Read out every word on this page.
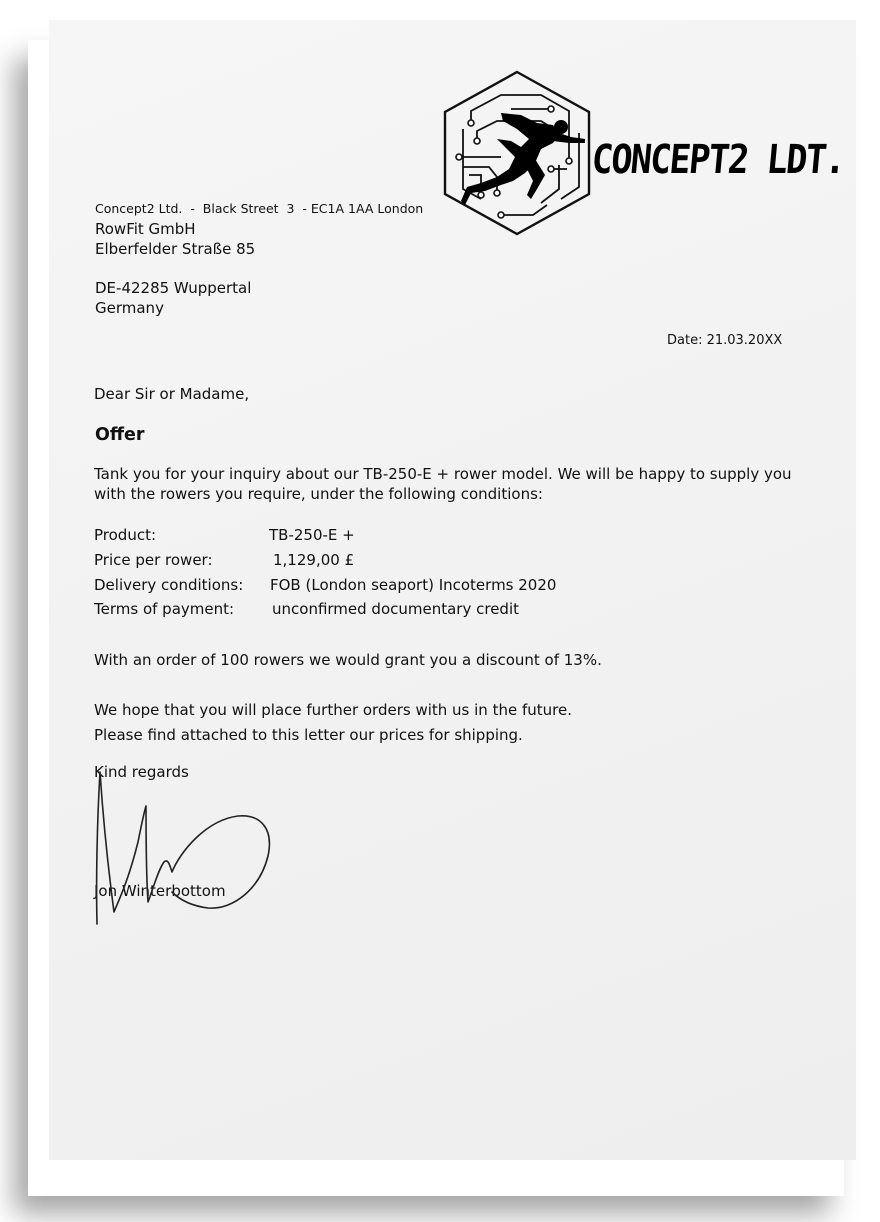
CONCEPT2 LDT.
Concept2 Ltd.  -  Black Street  3  - EC1A 1AA London
RowFit GmbH
Elberfelder Straße 85
DE-42285 Wuppertal
Germany
Date: 21.03.20XX
Dear Sir or Madame,
Offer
Tank you for your inquiry about our TB-250-E + rower model. We will be happy to supply you with the rowers you require, under the following conditions:
Product:	TB-250-E +
Price per rower:	1,129,00 £
Delivery conditions: FOB (London seaport) Incoterms 2020
Terms of payment:	unconfirmed documentary credit
With an order of 100 rowers we would grant you a discount of 13%.
We hope that you will place further orders with us in the future.
Please find attached to this letter our prices for shipping.
Kind regards
Jon Winterbottom
